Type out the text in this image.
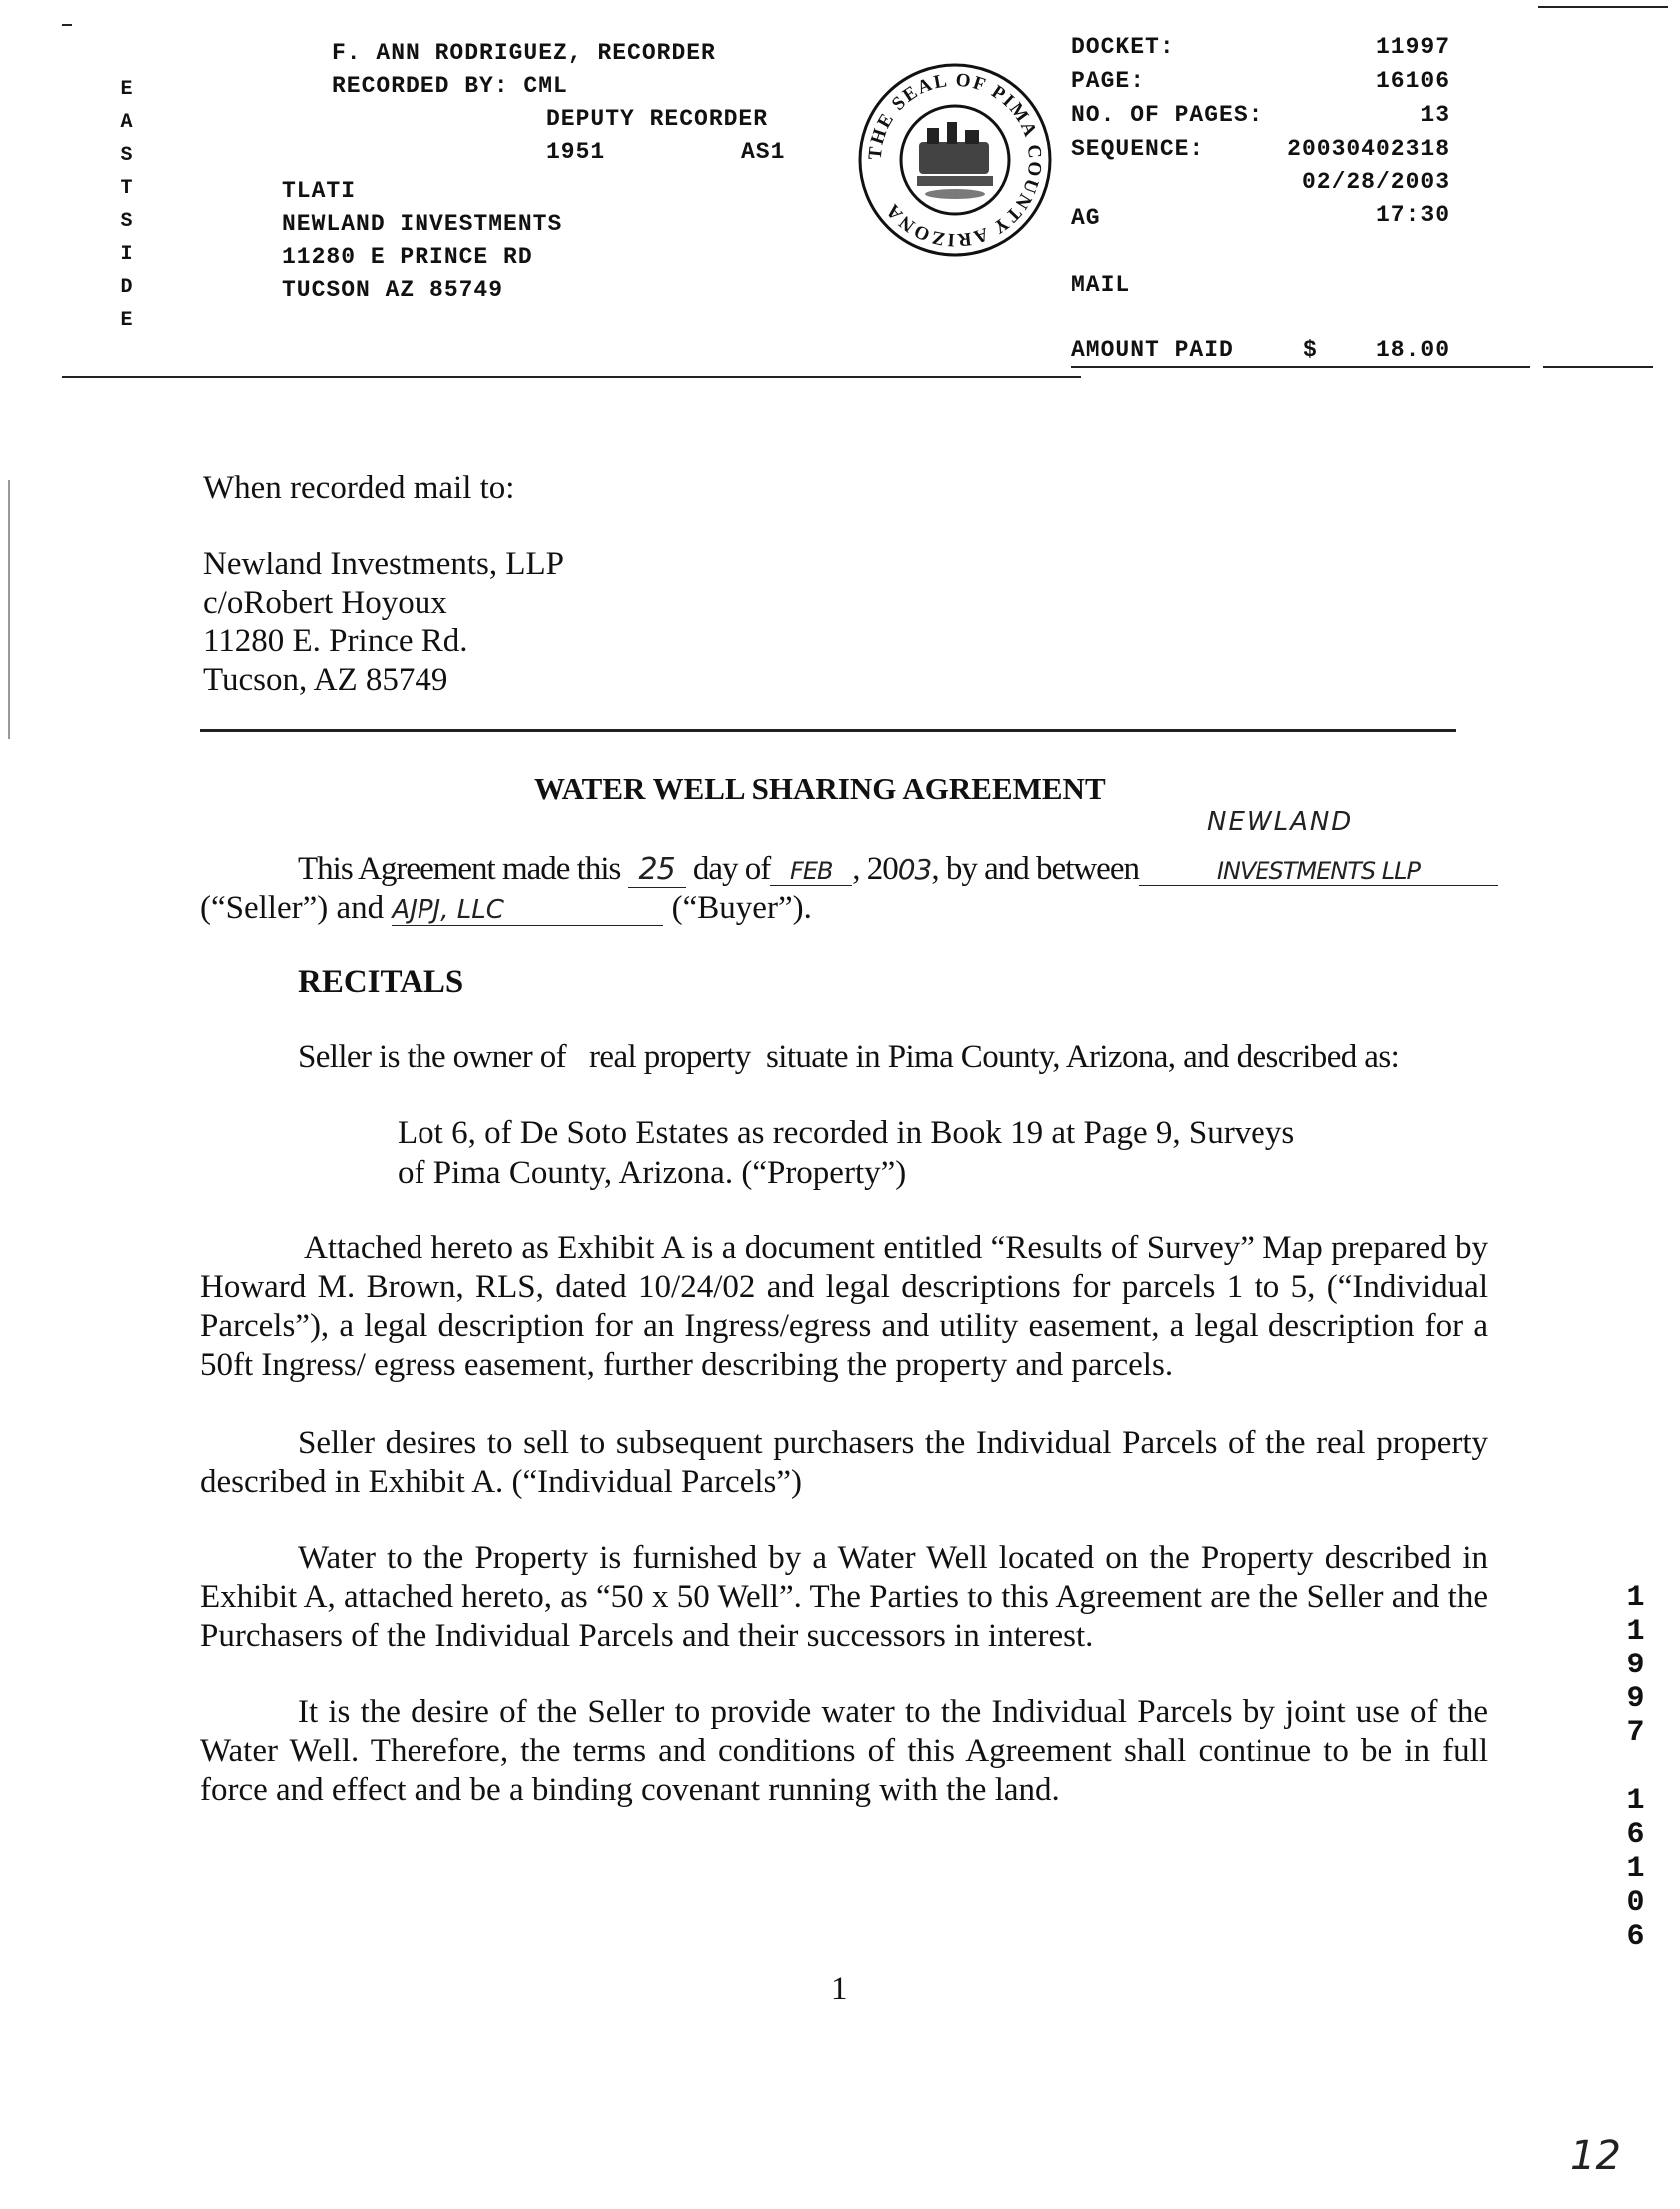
E
A
S
T
S
I
D
E
F. ANN RODRIGUEZ, RECORDER
RECORDED BY: CML
DEPUTY RECORDER
1951	AS1
TLATI
NEWLAND INVESTMENTS
11280 E PRINCE RD
TUCSON AZ 85749
THE SEAL OF PIMA COUNTY ARIZONA
DOCKET:	11997
PAGE:	16106
NO. OF PAGES:	13
SEQUENCE:	20030402318
02/28/2003
AG	17:30
MAIL
AMOUNT PAID	$	18.00
When recorded mail to:
Newland Investments, LLP
c/oRobert Hoyoux
11280 E. Prince Rd.
Tucson, AZ 85749
WATER WELL SHARING AGREEMENT
NEWLAND
This Agreement made this 25 day of FEB , 2003, by and between	INVESTMENTS LLP
(“Seller”) and AJPJ, LLC	(“Buyer”).
RECITALS
Seller is the owner of   real property  situate in Pima County, Arizona, and described as:
Lot 6, of De Soto Estates as recorded in Book 19 at Page 9, Surveys
of Pima County, Arizona. (“Property”)
Attached hereto as Exhibit A is a document entitled “Results of Survey” Map prepared by Howard M. Brown, RLS, dated 10/24/02 and legal descriptions for parcels 1 to 5, (“Individual Parcels”), a legal description for an Ingress/egress and utility easement, a legal description for a 50ft Ingress/ egress easement, further describing the property and parcels.
Seller desires to sell to subsequent purchasers the Individual Parcels of the real property described in Exhibit A. (“Individual Parcels”)
Water to the Property is furnished by a Water Well located on the Property described in Exhibit A, attached hereto, as “50 x 50 Well”. The Parties to this Agreement are the Seller and the Purchasers of the Individual Parcels and their successors in interest.
It is the desire of the Seller to provide water to the Individual Parcels by joint use of the Water Well. Therefore, the terms and conditions of this Agreement shall continue to be in full force and effect and be a binding covenant running with the land.
1
1
1
9
9
7
1
6
1
0
6
12
